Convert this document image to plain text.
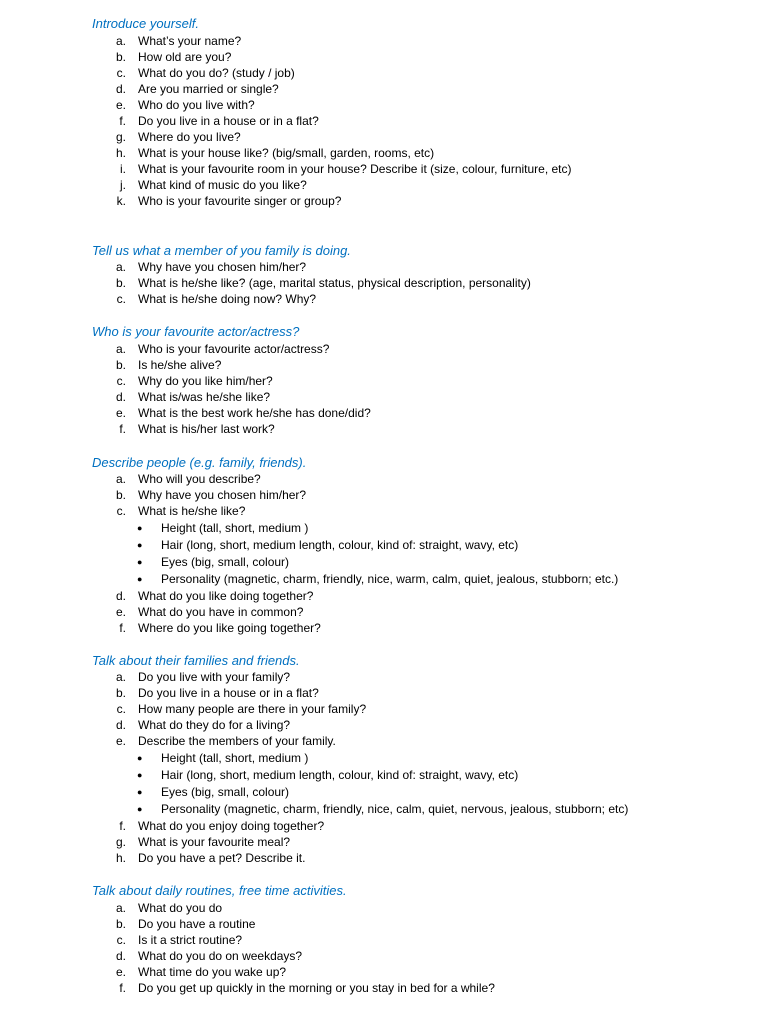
Introduce yourself.
a. What’s your name?
b. How old are you?
c. What do you do? (study / job)
d. Are you married or single?
e. Who do you live with?
f. Do you live in a house or in a flat?
g. Where do you live?
h. What is your house like? (big/small, garden, rooms, etc)
i. What is your favourite room in your house? Describe it (size, colour, furniture, etc)
j. What kind of music do you like?
k. Who is your favourite singer or group?
Tell us what a member of you family is doing.
a. Why have you chosen him/her?
b. What is he/she like? (age, marital status, physical description, personality)
c. What is he/she doing now? Why?
Who is your favourite actor/actress?
a. Who is your favourite actor/actress?
b. Is he/she alive?
c. Why do you like him/her?
d. What is/was he/she like?
e. What is the best work he/she has done/did?
f. What is his/her last work?
Describe people (e.g. family, friends).
a. Who will you describe?
b. Why have you chosen him/her?
c. What is he/she like?
● Height (tall, short, medium )
● Hair (long, short, medium length, colour, kind of: straight, wavy, etc)
● Eyes (big, small, colour)
● Personality (magnetic, charm, friendly, nice, warm, calm, quiet, jealous, stubborn; etc.)
d. What do you like doing together?
e. What do you have in common?
f. Where do you like going together?
Talk about their families and friends.
a. Do you live with your family?
b. Do you live in a house or in a flat?
c. How many people are there in your family?
d. What do they do for a living?
e. Describe the members of your family.
● Height (tall, short, medium )
● Hair (long, short, medium length, colour, kind of: straight, wavy, etc)
● Eyes (big, small, colour)
● Personality (magnetic, charm, friendly, nice, calm, quiet, nervous, jealous, stubborn; etc)
f. What do you enjoy doing together?
g. What is your favourite meal?
h. Do you have a pet? Describe it.
Talk about daily routines, free time activities.
a. What do you do
b. Do you have a routine
c. Is it a strict routine?
d. What do you do on weekdays?
e. What time do you wake up?
f. Do you get up quickly in the morning or you stay in bed for a while?
